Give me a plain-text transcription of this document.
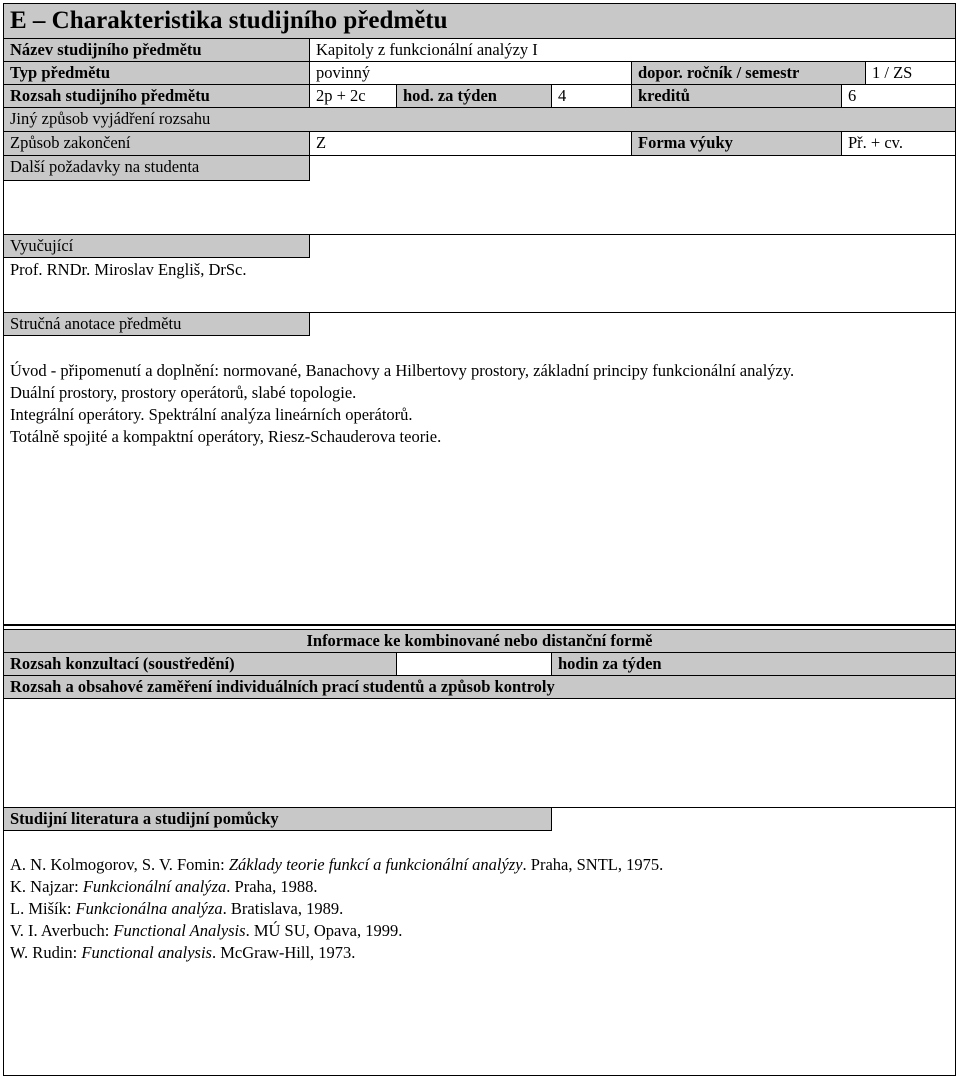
E – Charakteristika studijního předmětu
Název studijního předmětu	Kapitoly z funkcionální analýzy I
Typ předmětu	povinný	dopor. ročník / semestr	1 / ZS
Rozsah studijního předmětu	2p + 2c	hod. za týden	4	kreditů	6
Jiný způsob vyjádření rozsahu
Způsob zakončení	Z	Forma výuky	Př. + cv.
Další požadavky na studenta
Vyučující
Prof. RNDr. Miroslav Engliš, DrSc.
Stručná anotace předmětu
Úvod - připomenutí a doplnění: normované, Banachovy a Hilbertovy prostory, základní principy funkcionální analýzy.
Duální prostory, prostory operátorů, slabé topologie.
Integrální operátory. Spektrální analýza lineárních operátorů.
Totálně spojité a kompaktní operátory, Riesz-Schauderova teorie.
Informace ke kombinované nebo distanční formě
Rozsah konzultací (soustředění)	hodin za týden
Rozsah a obsahové zaměření individuálních prací studentů a způsob kontroly
Studijní literatura a studijní pomůcky
A. N. Kolmogorov, S. V. Fomin: Základy teorie funkcí a funkcionální analýzy. Praha, SNTL, 1975.
K. Najzar: Funkcionální analýza. Praha, 1988.
L. Mišík: Funkcionálna analýza. Bratislava, 1989.
V. I. Averbuch: Functional Analysis. MÚ SU, Opava, 1999.
W. Rudin: Functional analysis. McGraw-Hill, 1973.
